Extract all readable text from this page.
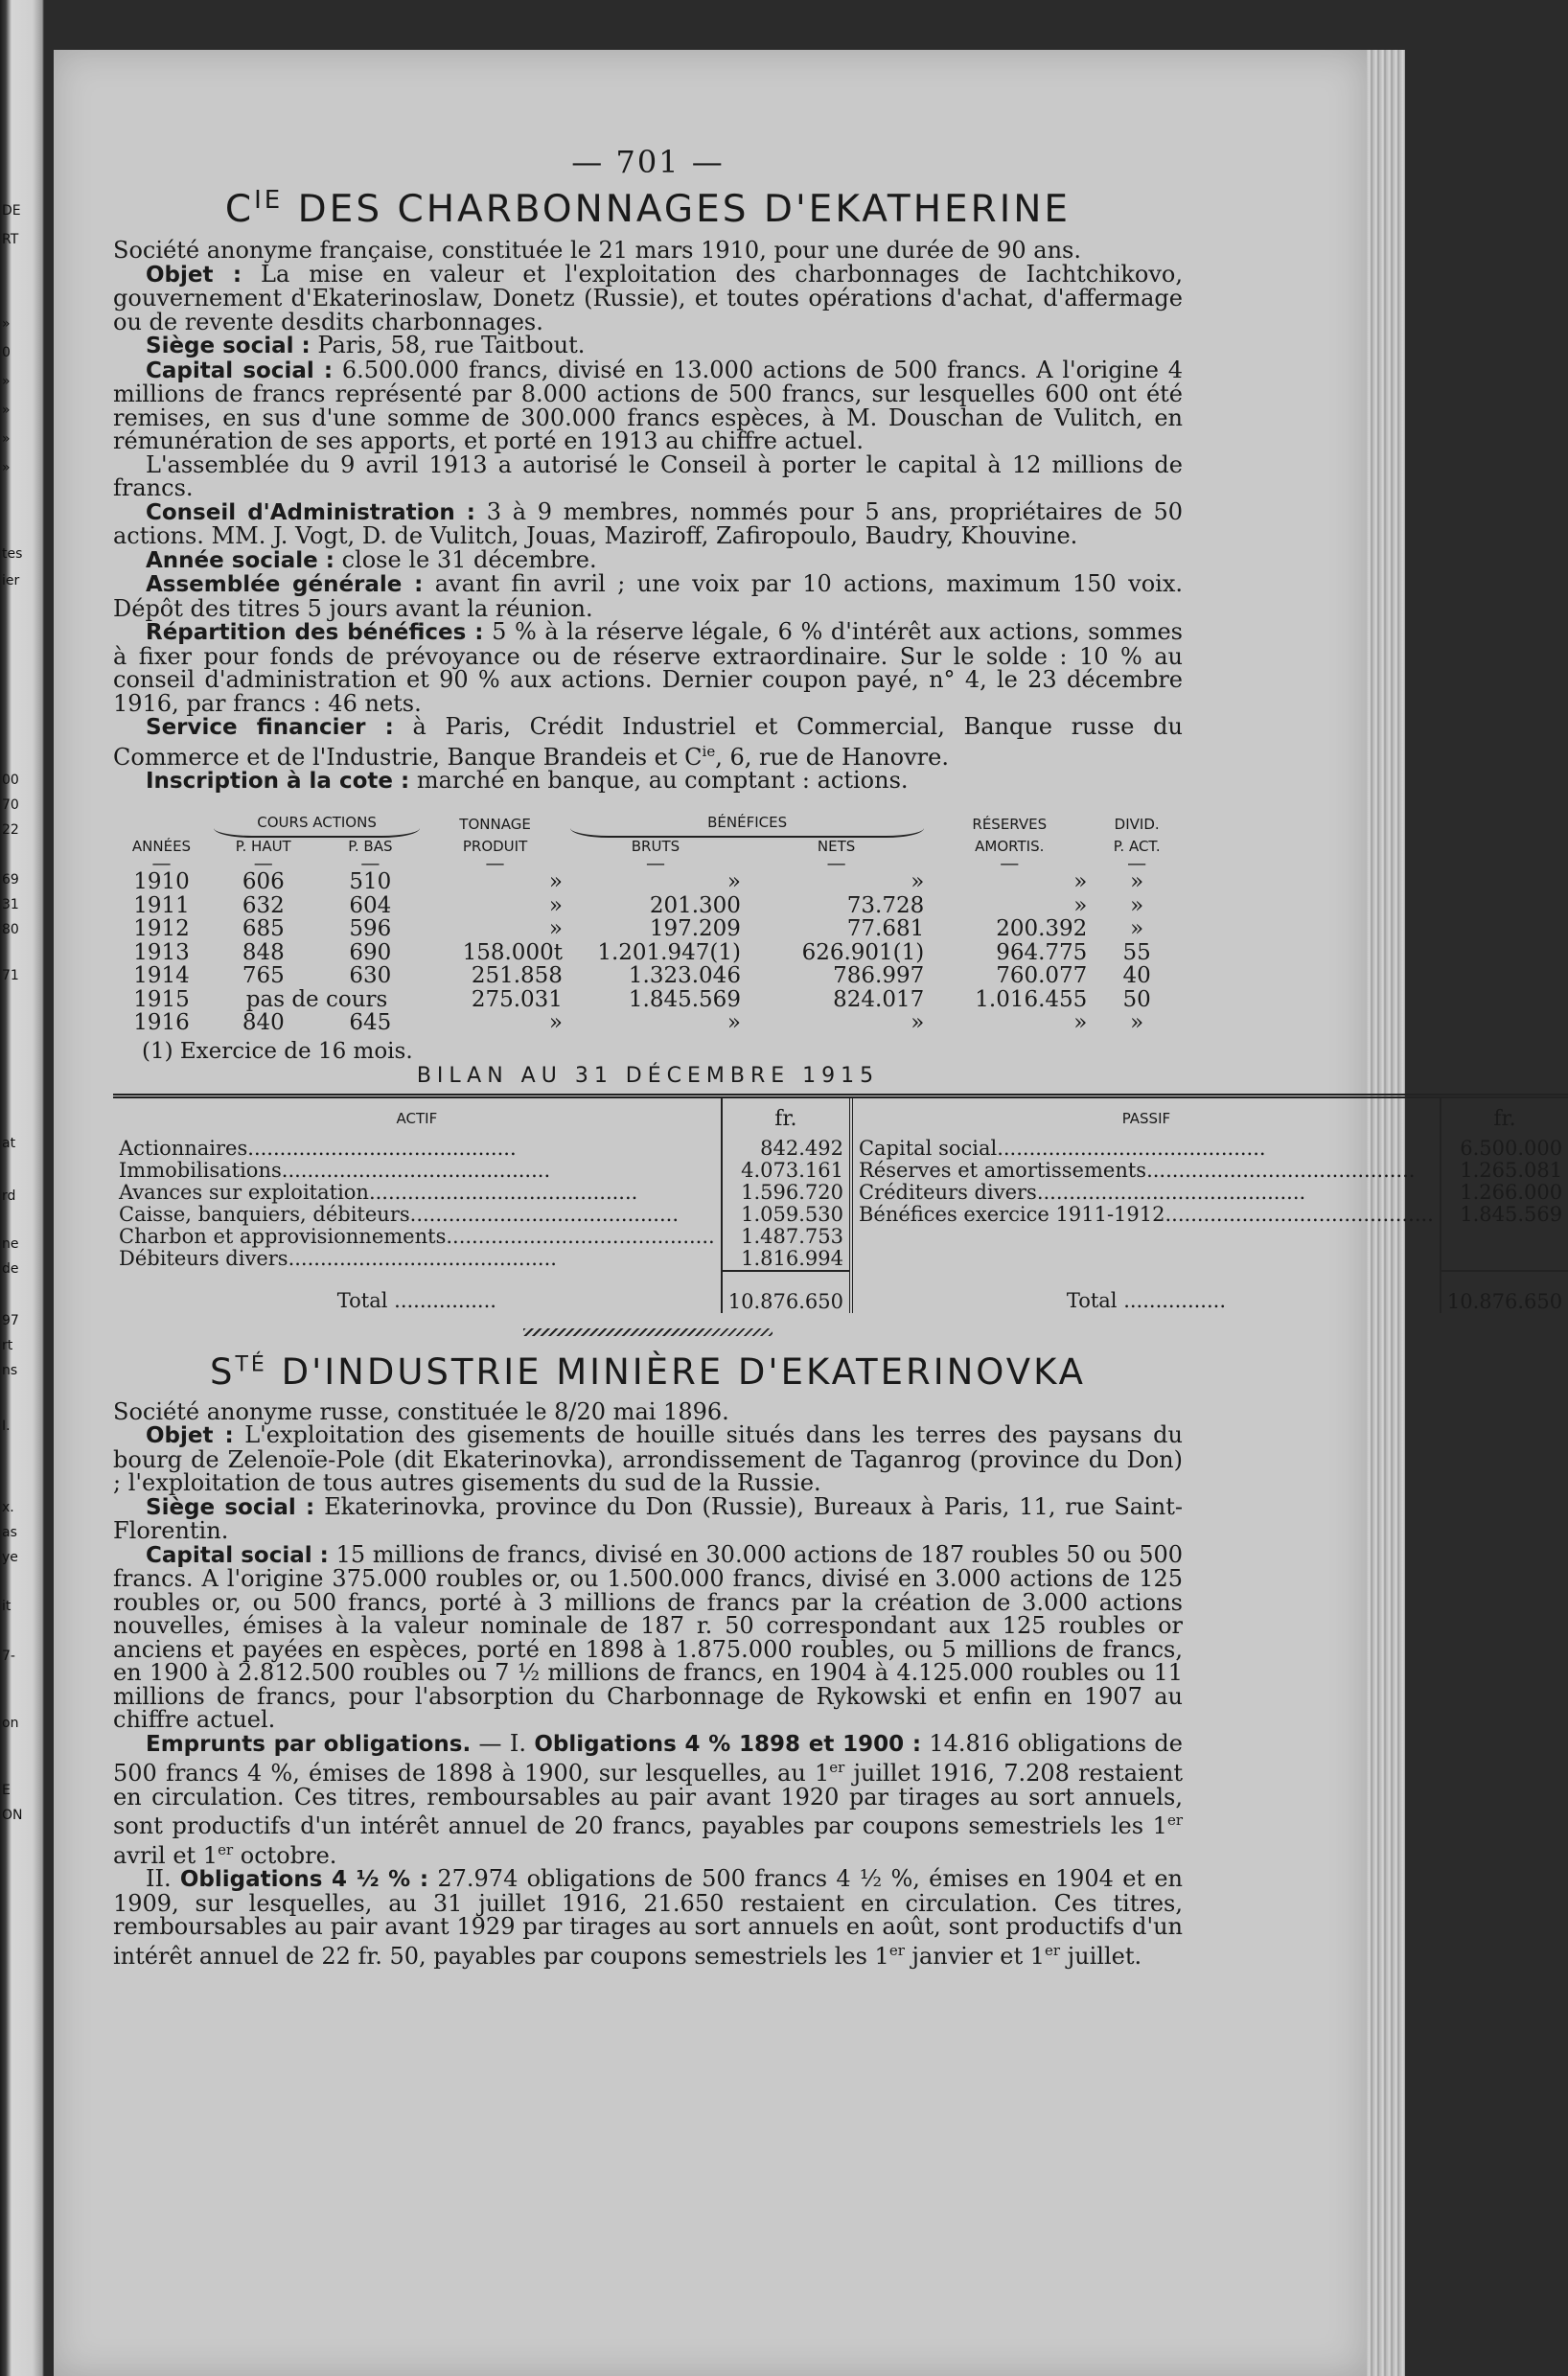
DE
RT
»
0
»
»
»
»
tes
ier
00
70
22
69
31
80
71
at
rd
ne
de
97
rt
ns
I.
x.
as
ye
it
7-
on
E
ON
— 701 —
$C^{IE}$ DES CHARBONNAGES D'EKATHERINE

Société anonyme française, constituée le 21 mars 1910, pour une durée de 90 ans.

Objet : La mise en valeur et l'exploitation des charbonnages de Iachtchikovo, gouvernement d'Ekaterinoslaw, Donetz (Russie), et toutes opérations d'achat, d'affermage ou de revente desdits charbonnages.

Siège social : Paris, 58, rue Taitbout.

Capital social : 6.500.000 francs, divisé en 13.000 actions de 500 francs. A l'origine 4 millions de francs représenté par 8.000 actions de 500 francs, sur lesquelles 600 ont été remises, en sus d'une somme de 300.000 francs espèces, à M. Douschan de Vulitch, en rémunération de ses apports, et porté en 1913 au chiffre actuel.

L'assemblée du 9 avril 1913 a autorisé le Conseil à porter le capital à 12 millions de francs.

Conseil d'Administration : 3 à 9 membres, nommés pour 5 ans, propriétaires de 50 actions. MM. J. Vogt, D. de Vulitch, Jouas, Maziroff, Zafiropoulo, Baudry, Khouvine.

Année sociale : close le 31 décembre.

Assemblée générale : avant fin avril ; une voix par 10 actions, maximum 150 voix. Dépôt des titres 5 jours avant la réunion.

Répartition des bénéfices : 5 % à la réserve légale, 6 % d'intérêt aux actions, sommes à fixer pour fonds de prévoyance ou de réserve extraordinaire. Sur le solde : 10 % au conseil d'administration et 90 % aux actions. Dernier coupon payé, n° 4, le 23 décembre 1916, par francs : 46 nets.

Service financier : à Paris, Crédit Industriel et Commercial, Banque russe du Commerce et de l'Industrie, Banque Brandeis et $C^{ie}$, 6, rue de Hanovre.

Inscription à la cote : marché en banque, au comptant : actions.

	COURS ACTIONS		TONNAGE	BÉNÉFICES		RÉSERVES	DIVID.
ANNÉES	P. HAUT	P. BAS	PRODUIT	BRUTS	NETS	AMORTIS.	P. ACT.
—	—	—	—	—	—	—	—
1910	606	510	»	»	»	»	»
1911	632	604	»	201.300	73.728	»	»
1912	685	596	»	197.209	77.681	200.392	»
1913	848	690	158.000t	1.201.947(1)	626.901(1)	964.775	55
1914	765	630	251.858	1.323.046	786.997	760.077	40
1915	pas de cours		275.031	1.845.569	824.017	1.016.455	50
1916	840	645	»	»	»	»	»
(1) Exercice de 16 mois.
BILAN AU 31 DÉCEMBRE 1915
ACTIF	fr.	PASSIF	fr.
Actionnaires..........................................	842.492	Capital social..........................................	6.500.000
Immobilisations..........................................	4.073.161	Réserves et amortissements..........................................	1.265.081
Avances sur exploitation..........................................	1.596.720	Créditeurs divers..........................................	1.266.000
Caisse, banquiers, débiteurs..........................................	1.059.530	Bénéfices exercice 1911-1912..........................................	1.845.569
Charbon et approvisionnements..........................................	1.487.753		
Débiteurs divers..........................................	1.816.994		
Total ................	10.876.650	Total ................	10.876.650
$S^{TÉ}$ D'INDUSTRIE MINIÈRE D'EKATERINOVKA

Société anonyme russe, constituée le 8/20 mai 1896.

Objet : L'exploitation des gisements de houille situés dans les terres des paysans du bourg de Zelenoïe-Pole (dit Ekaterinovka), arrondissement de Taganrog (province du Don) ; l'exploitation de tous autres gisements du sud de la Russie.

Siège social : Ekaterinovka, province du Don (Russie), Bureaux à Paris, 11, rue Saint-Florentin.

Capital social : 15 millions de francs, divisé en 30.000 actions de 187 roubles 50 ou 500 francs. A l'origine 375.000 roubles or, ou 1.500.000 francs, divisé en 3.000 actions de 125 roubles or, ou 500 francs, porté à 3 millions de francs par la création de 3.000 actions nouvelles, émises à la valeur nominale de 187 r. 50 correspondant aux 125 roubles or anciens et payées en espèces, porté en 1898 à 1.875.000 roubles, ou 5 millions de francs, en 1900 à 2.812.500 roubles ou 7 ½ millions de francs, en 1904 à 4.125.000 roubles ou 11 millions de francs, pour l'absorption du Charbonnage de Rykowski et enfin en 1907 au chiffre actuel.

Emprunts par obligations. — I. Obligations 4 % 1898 et 1900 : 14.816 obligations de 500 francs 4 %, émises de 1898 à 1900, sur lesquelles, au 1er juillet 1916, 7.208 restaient en circulation. Ces titres, remboursables au pair avant 1920 par tirages au sort annuels, sont productifs d'un intérêt annuel de 20 francs, payables par coupons semestriels les 1er avril et 1er octobre.

II. Obligations 4 ½ % : 27.974 obligations de 500 francs 4 ½ %, émises en 1904 et en 1909, sur lesquelles, au 31 juillet 1916, 21.650 restaient en circulation. Ces titres, remboursables au pair avant 1929 par tirages au sort annuels en août, sont productifs d'un intérêt annuel de 22 fr. 50, payables par coupons semestriels les 1er janvier et 1er juillet.
